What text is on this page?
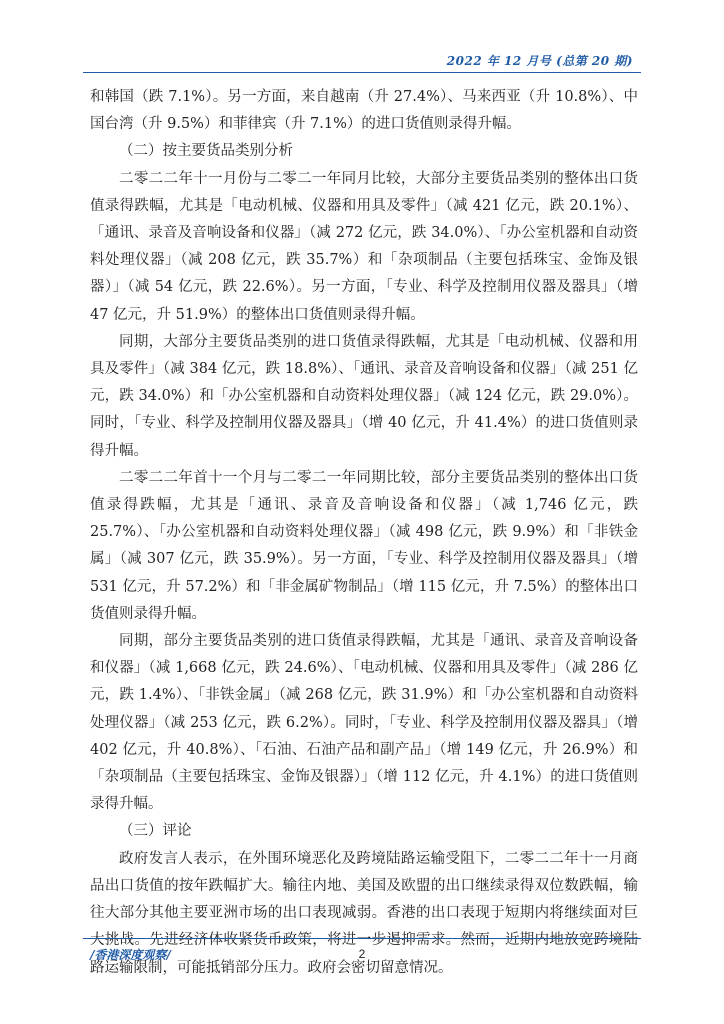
2022 年 12 月号 (总第 20 期)

和韩国（跌 7.1%）。另一方面，来自越南（升 27.4%）、马来西亚（升 10.8%）、中国台湾（升 9.5%）和菲律宾（升 7.1%）的进口货值则录得升幅。

（二）按主要货品类别分析

二零二二年十一月份与二零二一年同月比较，大部分主要货品类别的整体出口货值录得跌幅，尤其是「电动机械、仪器和用具及零件」（减 421 亿元，跌 20.1%）、「通讯、录音及音响设备和仪器」（减 272 亿元，跌 34.0%）、「办公室机器和自动资料处理仪器」（减 208 亿元，跌 35.7%）和「杂项制品（主要包括珠宝、金饰及银器）」（减 54 亿元，跌 22.6%）。另一方面，「专业、科学及控制用仪器及器具」（增 47 亿元，升 51.9%）的整体出口货值则录得升幅。

同期，大部分主要货品类别的进口货值录得跌幅，尤其是「电动机械、仪器和用具及零件」（减 384 亿元，跌 18.8%）、「通讯、录音及音响设备和仪器」（减 251 亿元，跌 34.0%）和「办公室机器和自动资料处理仪器」（减 124 亿元，跌 29.0%）。同时，「专业、科学及控制用仪器及器具」（增 40 亿元，升 41.4%）的进口货值则录得升幅。

二零二二年首十一个月与二零二一年同期比较，部分主要货品类别的整体出口货值录得跌幅，尤其是「通讯、录音及音响设备和仪器」（减 1,746 亿元，跌 25.7%）、「办公室机器和自动资料处理仪器」（减 498 亿元，跌 9.9%）和「非铁金属」（减 307 亿元，跌 35.9%）。另一方面，「专业、科学及控制用仪器及器具」（增 531 亿元，升 57.2%）和「非金属矿物制品」（增 115 亿元，升 7.5%）的整体出口货值则录得升幅。

同期，部分主要货品类别的进口货值录得跌幅，尤其是「通讯、录音及音响设备和仪器」（减 1,668 亿元，跌 24.6%）、「电动机械、仪器和用具及零件」（减 286 亿元，跌 1.4%）、「非铁金属」（减 268 亿元，跌 31.9%）和「办公室机器和自动资料处理仪器」（减 253 亿元，跌 6.2%）。同时，「专业、科学及控制用仪器及器具」（增 402 亿元，升 40.8%）、「石油、石油产品和副产品」（增 149 亿元，升 26.9%）和「杂项制品（主要包括珠宝、金饰及银器）」（增 112 亿元，升 4.1%）的进口货值则录得升幅。

（三）评论

政府发言人表示，在外围环境恶化及跨境陆路运输受阻下，二零二二年十一月商品出口货值的按年跌幅扩大。输往内地、美国及欧盟的出口继续录得双位数跌幅，输往大部分其他主要亚洲市场的出口表现减弱。香港的出口表现于短期内将继续面对巨大挑战。先进经济体收紧货币政策，将进一步遏抑需求。然而，近期内地放宽跨境陆路运输限制，可能抵销部分压力。政府会密切留意情况。

/香港深度观察/	2
